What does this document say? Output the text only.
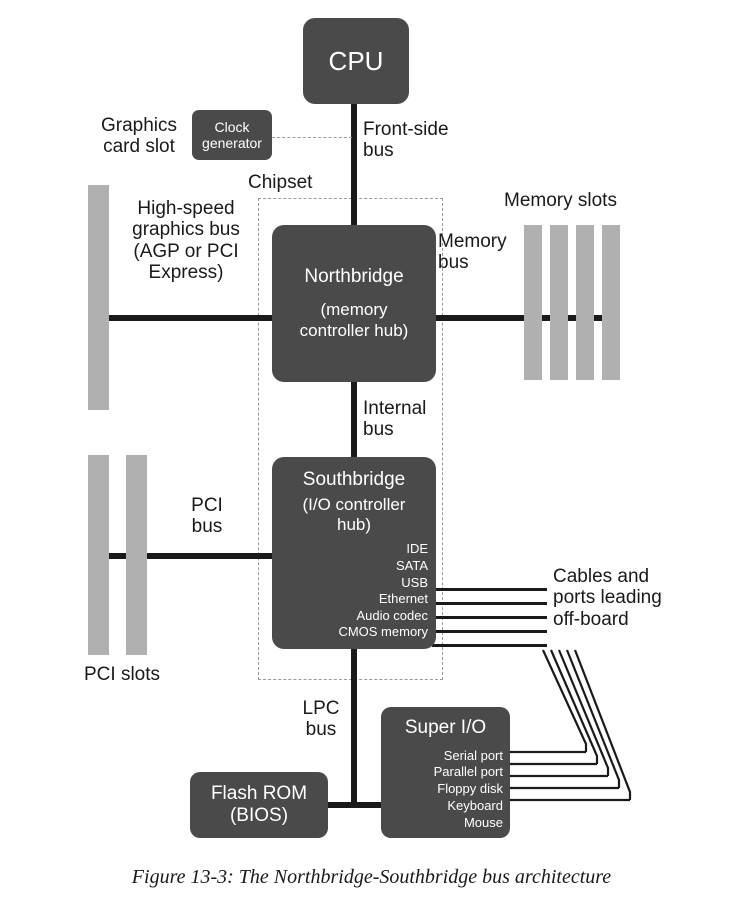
CPU
Clock
generator
Northbridge
(memory
controller hub)
Southbridge
(I/O controller
hub)
IDE
SATA
USB
Ethernet
Audio codec
CMOS memory
Flash ROM
(BIOS)
Super I/O
Serial port
Parallel port
Floppy disk
Keyboard
Mouse
Graphics
card slot
High-speed
graphics bus
(AGP or PCI
Express)
Front-side
bus
Chipset
Memory slots
Memory
bus
Internal
bus
PCI
bus
PCI slots
LPC
bus
Cables and
ports leading
off-board
Figure 13-3: The Northbridge-Southbridge bus architecture
